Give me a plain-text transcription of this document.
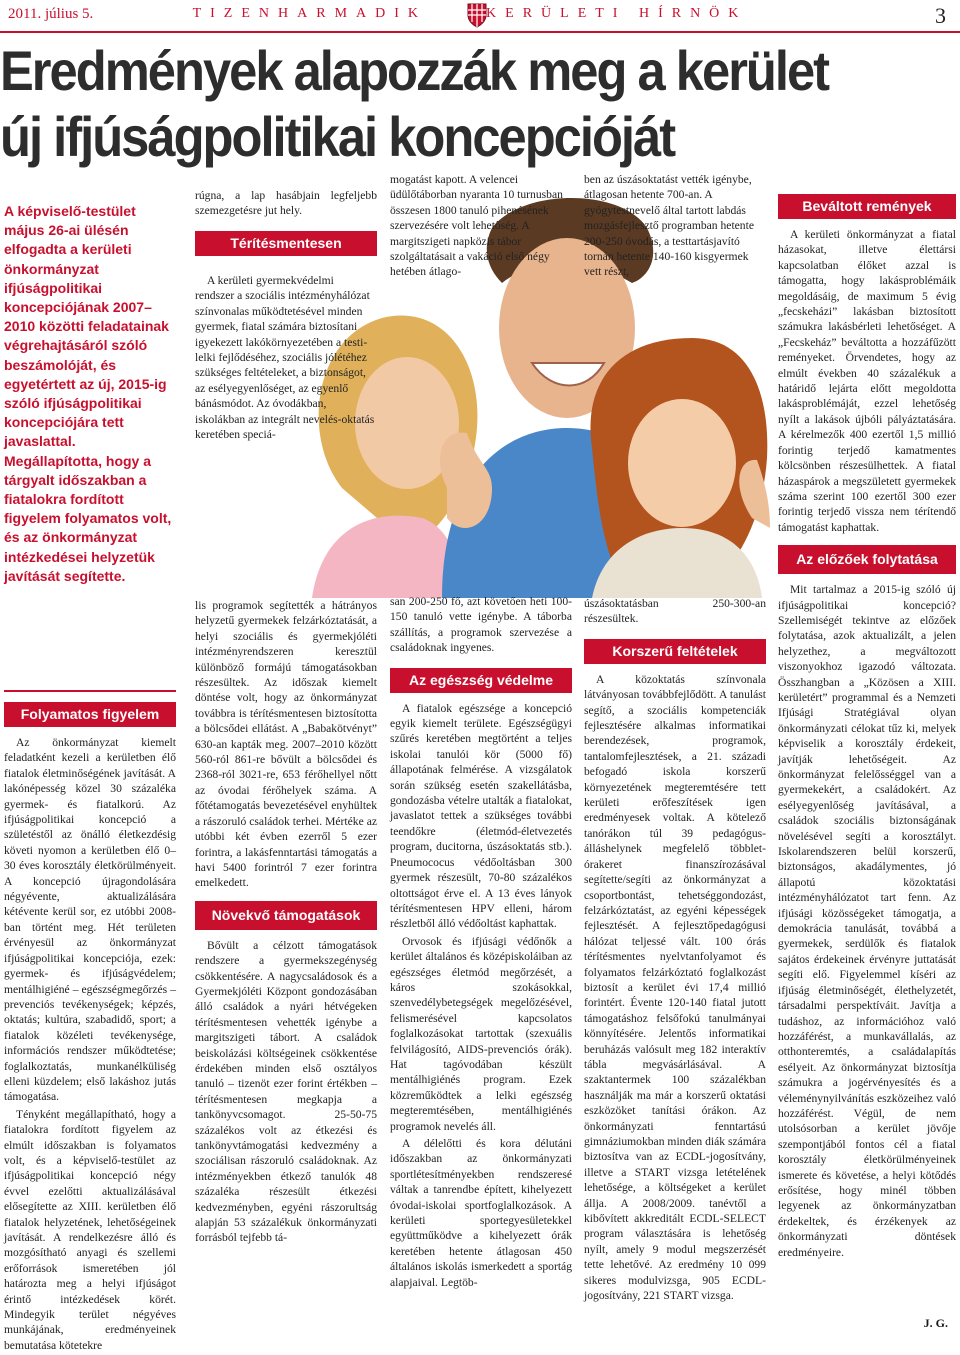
2011. július 5.	TIZENHARMADIK	KERÜLETI HÍRNÖK	3
Eredmények alapozzák meg a kerület
új ifjúságpolitikai koncepcióját
A képviselő-testület május 26-ai ülésén elfogadta a kerületi önkormányzat ifjúságpolitikai koncepciójának 2007–2010 közötti feladatainak végrehajtásáról szóló beszámolóját, és egyetértett az új, 2015-ig szóló ifjúságpolitikai koncepciójára tett javaslattal. Megállapította, hogy a tárgyalt időszakban a fiatalokra fordított figyelem folyamatos volt, és az önkormányzat intézkedései helyzetük javítását segítette.
Folyamatos figyelem

Az önkormányzat kiemelt feladatként kezeli a kerületben élő fiatalok életminőségének javítását. A lakónépesség közel 30 százaléka gyermek- és fiatalkorú. Az ifjúságpolitikai koncepció a születéstől az önálló életkezdésig követi nyomon a kerületben élő 0–30 éves korosztály életkörülményeit. A koncepció újragondolására négyévente, aktualizálására kétévente kerül sor, ez utóbbi 2008-ban történt meg. Hét területen érvényesül az önkormányzat ifjúságpolitikai koncepciója, ezek: gyermek- és ifjúságvédelem; mentálhigiéné – egészségmegőrzés – prevenciós tevékenységek; képzés, oktatás; kultúra, szabadidő, sport; a fiatalok közéleti tevékenysége, információs rendszer működtetése; foglalkoztatás, munkanélküliség elleni küzdelem; első lakáshoz jutás támogatása.

Tényként megállapítható, hogy a fiatalokra fordított figyelem az elmúlt időszakban is folyamatos volt, és a képviselő-testület az ifjúságpolitikai koncepció négy évvel ezelőtti aktualizálásával elősegítette az XIII. kerületben élő fiatalok helyzetének, lehetőségeinek javítását. A rendelkezésre álló és mozgósítható anyagi és szellemi erőforrások ismeretében jól határozta meg a helyi ifjúságot érintő intézkedések körét. Mindegyik terület négyéves munkájának, eredményeinek bemutatása kötetekre

rúgna, a lap hasábjain legfeljebb szemezgetésre jut hely.

Térítésmentesen

A kerületi gyermekvédelmi rendszer a szociális intézményhálózat színvonalas működtetésével minden gyermek, fiatal számára biztosítani igyekezett lakókörnyezetében a testi-lelki fejlődéséhez, szociális jólétéhez szükséges feltételeket, a biztonságot, az esélyegyenlőséget, az egyenlő bánásmódot. Az óvodákban, iskolákban az integrált nevelés-oktatás keretében speciá-

lis programok segítették a hátrányos helyzetű gyermekek felzárkóztatását, a helyi szociális és gyermekjóléti intézményrendszeren keresztül különböző formájú támogatásokban részesültek. Az időszak kiemelt döntése volt, hogy az önkormányzat továbbra is térítésmentesen biztosította a bölcsődei ellátást. A „Babakötvényt” 630-an kapták meg. 2007–2010 között 560-ról 861-re bővült a bölcsődei és 2368-ról 3021-re, 653 férőhellyel nőtt az óvodai férőhelyek száma. A főtétamogatás bevezetésével enyhültek a rászoruló családok terhei. Mértéke az utóbbi két évben ezerről 5 ezer forintra, a lakásfenntartási támogatás a havi 5400 forintról 7 ezer forintra emelkedett.

Növekvő támogatások

Bővült a célzott támogatások rendszere a gyermekszegénység csökkentésére. A nagycsaládosok és a Gyermekjóléti Központ gondozásában álló családok a nyári hétvégeken térítésmentesen vehették igénybe a margitszigeti tábort. A családok beiskolázási költségeinek csökkentése érdekében minden első osztályos tanuló – tizenöt ezer forint értékben – térítésmentesen megkapja a tankönyvcsomagot. 25-50-75 százalékos volt az étkezési és tankönyvtámogatási kedvezmény a szociálisan rászoruló családoknak. Az intézményekben étkező tanulók 48 százaléka részesült étkezési kedvezményben, egyéni rászorultság alapján 53 százalékuk önkormányzati forrásból tejfebb tá-

mogatást kapott. A velencei üdülőtáborban nyaranta 10 turnusban összesen 1800 tanuló pihenésének szervezésére volt lehetőség. A margitszigeti napközis tábor szolgáltatásait a vakáció első négy hetében átlago-

san 200-250 fő, azt követően heti 100-150 tanuló vette igénybe. A táborba szállítás, a programok szervezése a családoknak ingyenes.

Az egészség védelme

A fiatalok egészsége a koncepció egyik kiemelt területe. Egészségügyi szűrés keretében megtörtént a teljes iskolai tanulói kör (5000 fő) állapotának felmérése. A vizsgálatok során szükség esetén szakellátásba, gondozásba vételre utalták a fiatalokat, javaslatot tettek a szükséges további teendőkre (életmód-életvezetés program, ducitorna, úszásoktatás stb.). Pneumococus védőoltásban 300 gyermek részesült, 70-80 százalékos oltottságot érve el. A 13 éves lányok térítésmentesen HPV elleni, három részletből álló védőoltást kaphattak.

Orvosok és ifjúsági védőnők a kerület általános és középiskoláiban az egészséges életmód megőrzését, a káros szokásokkal, szenvedélybetegségek megelőzésével, felismerésével kapcsolatos foglalkozásokat tartottak (szexuális felvilágosító, AIDS-prevenciós órák). Hat tagóvodában készült mentálhigiénés program. Ezek közreműködtek a lelki egészség megteremtésében, mentálhigiénés programok nevelés áll.

A délelőtti és kora délutáni időszakban az önkormányzati sportlétesítményekben rendszeresé váltak a tanrendbe épített, kihelyezett óvodai-iskolai sportfoglalkozások. A kerületi sportegyesületekkel együttműködve a kihelyezett órák keretében hetente átlagosan 450 általános iskolás ismerkedett a sportág alapjaival. Legtöb-

ben az úszásoktatást vették igénybe, átlagosan hetente 700-an. A gyógytestnevelő által tartott labdás mozgásfejlesztő programban hetente 200-250 óvodás, a testtartásjavító tornán hetente 140-160 kisgyermek vett részt,

úszásoktatásban 250-300-an részesültek.

Korszerű feltételek

A közoktatás színvonala látványosan továbbfejlődött. A tanulást segítő, a szociális kompetenciák fejlesztésére alkalmas informatikai berendezések, programok, tantalomfejlesztések, a 21. századi befogadó iskola korszerű környezetének megteremtésére tett kerületi erőfeszítések igen eredményesek voltak. A kötelező tanórákon túl 39 pedagógus-álláshelynek megfelelő többlet-órakeret finanszírozásával segítette/segíti az önkormányzat a csoportbontást, tehetséggondozást, felzárkóztatást, az egyéni képességek fejlesztését. A fejlesztőpedagógusi hálózat teljessé vált. 100 órás térítésmentes nyelvtanfolyamot és folyamatos felzárkóztató foglalkozást biztosít a kerület évi 17,4 millió forintért. Évente 120-140 fiatal jutott támogatáshoz felsőfokú tanulmányai könnyítésére. Jelentős informatikai beruházás valósult meg 182 interaktív tábla megvásárlásával. A szaktantermek 100 százalékban használják ma már a korszerű oktatási eszközöket tanítási órákon. Az önkormányzati fenntartású gimnáziumokban minden diák számára biztosítva van az ECDL-jogosítvány, illetve a START vizsga letételének lehetősége, a költségeket a kerület állja. A 2008/2009. tanévtől a kibővített akkreditált ECDL-SELECT program választására is lehetőség nyílt, amely 9 modul megszerzését tette lehetővé. Az eredmény 10 099 sikeres modulvizsga, 905 ECDL-jogosítvány, 221 START vizsga.

Beváltott remények

A kerületi önkormányzat a fiatal házasokat, illetve élettársi kapcsolatban élőket azzal is támogatta, hogy lakásproblémáik megoldásáig, de maximum 5 évig „fecskeházi” lakásban biztosított számukra lakásbérleti lehetőséget. A „Fecskeház” beváltotta a hozzáfűzött reményeket. Örvendetes, hogy az elmúlt években 40 százalékuk a határidő lejárta előtt megoldotta lakásproblémáját, ezzel lehetőség nyílt a lakások újbóli pályáztatására. A kérelmezők 400 ezertől 1,5 millió forintig terjedő kamatmentes kölcsönben részesülhettek. A fiatal házaspárok a megszületett gyermekek száma szerint 100 ezertől 300 ezer forintig terjedő vissza nem térítendő támogatást kaphattak.

Az előzőek folytatása

Mit tartalmaz a 2015-ig szóló új ifjúságpolitikai koncepció? Szellemiségét tekintve az előzőek folytatása, azok aktualizált, a jelen helyzethez, a megváltozott viszonyokhoz igazodó változata. Összhangban a „Közösen a XIII. kerületért” programmal és a Nemzeti Ifjúsági Stratégiával olyan önkormányzati célokat tűz ki, melyek képviselik a korosztály érdekeit, javítják lehetőségeit. Az önkormányzat felelősséggel van a gyermekekért, a családokért. Az esélyegyenlőség javításával, a családok szociális biztonságának növelésével segíti a korosztályt. Iskolarendszeren belül korszerű, biztonságos, akadálymentes, jó állapotú közoktatási intézményhálózatot tart fenn. Az ifjúsági közösségeket támogatja, a demokrácia tanulását, továbbá a gyermekek, serdülők és fiatalok sajátos érdekeinek érvényre juttatását segíti elő. Figyelemmel kíséri az ifjúság életminőségét, élethelyzetét, társadalmi perspektíváit. Javítja a tudáshoz, az információhoz való hozzáférést, a munkavállalás, az otthonteremtés, a családalapítás esélyeit. Az önkormányzat biztosítja számukra a jogérvényesítés és a véleménynyilvánítás eszközeihez való hozzáférést. Végül, de nem utolsósorban a kerület jövője szempontjából fontos cél a fiatal korosztály életkörülményeinek ismerete és követése, a helyi kötődés erősítése, hogy minél többen legyenek az önkormányzatban érdekeltek, és érzékenyek az önkormányzati döntések eredményeire.

J. G.
